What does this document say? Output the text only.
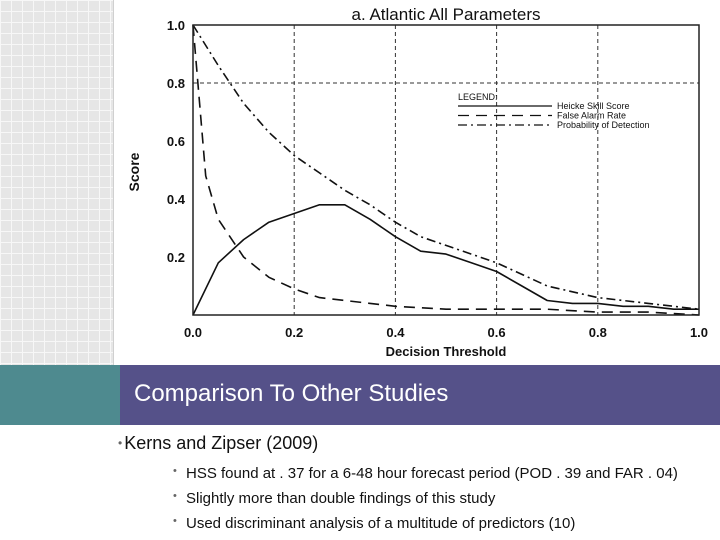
a. Atlantic All Parameters
0.0	0.2	0.4	0.6	0.8	1.0
0.2
0.4
0.6
0.8
1.0
Decision Threshold
Score
LEGEND:
Heicke Skill Score
False Alarm Rate
Probability of Detection
Comparison To Other Studies
• Kerns and Zipser (2009)
• HSS found at . 37 for a 6-48 hour forecast period (POD . 39 and FAR . 04)
• Slightly more than double findings of this study
• Used discriminant analysis of a multitude of predictors (10)
